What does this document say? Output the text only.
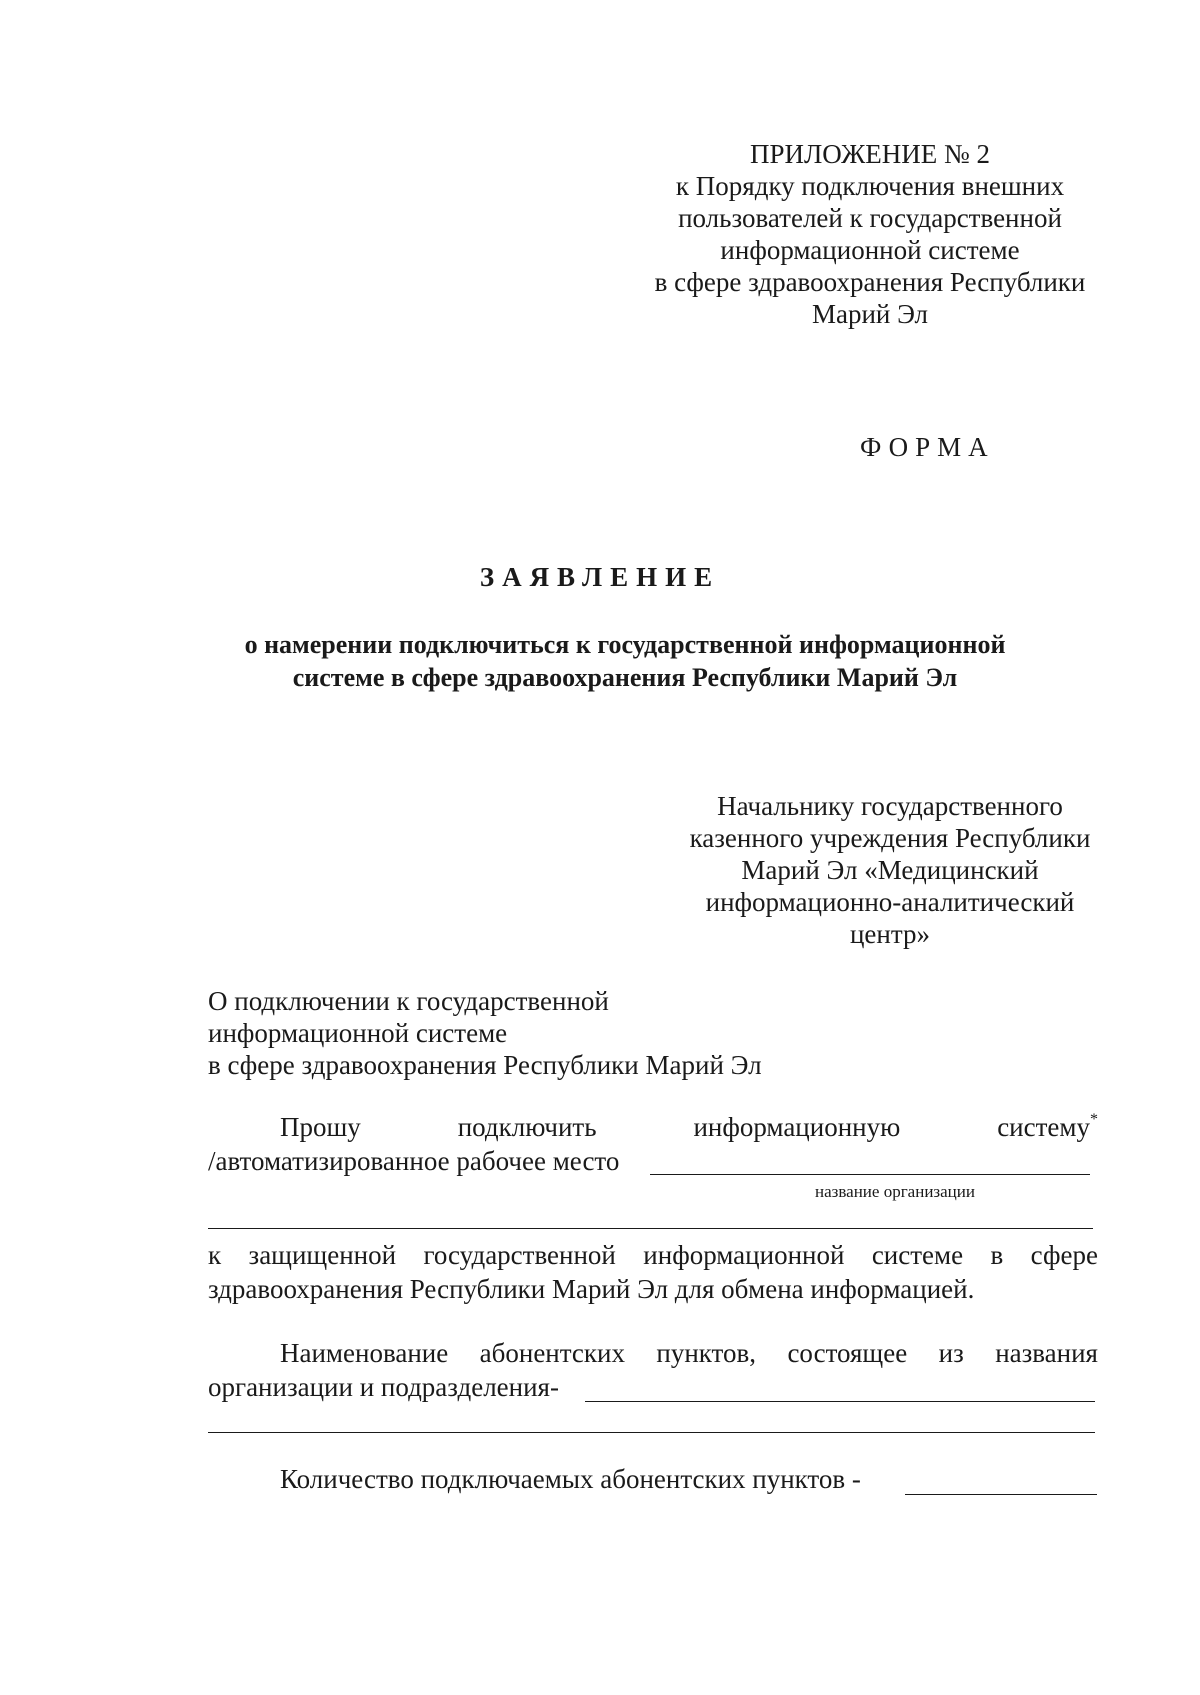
ПРИЛОЖЕНИЕ № 2
к Порядку подключения внешних
пользователей к государственной
информационной системе
в сфере здравоохранения Республики
Марий Эл
ФОРМА
ЗАЯВЛЕНИЕ
о намерении подключиться к государственной информационной
системе в сфере здравоохранения Республики Марий Эл
Начальнику государственного
казенного учреждения Республики
Марий Эл «Медицинский
информационно-аналитический
центр»
О подключении к государственной
информационной системе
в сфере здравоохранения Республики Марий Эл
Прошу	подключить	информационную	систему*
/автоматизированное рабочее место
название организации
к защищенной государственной информационной системе в сфере
здравоохранения Республики Марий Эл для обмена информацией.
Наименование абонентских пунктов, состоящее из названия
организации и подразделения-
Количество подключаемых абонентских пунктов -
